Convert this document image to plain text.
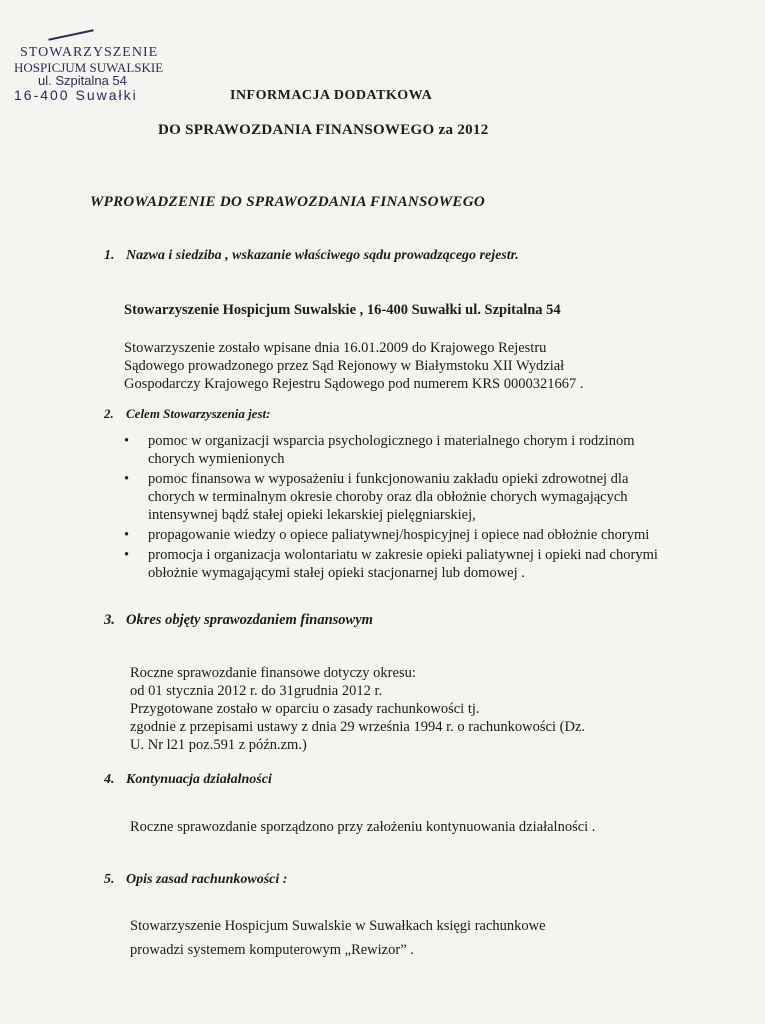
STOWARZYSZENIE
HOSPICJUM SUWALSKIE
ul. Szpitalna 54
16-400 Suwałki	INFORMACJA DODATKOWA
DO SPRAWOZDANIA FINANSOWEGO za 2012
WPROWADZENIE DO SPRAWOZDANIA FINANSOWEGO
1. Nazwa i siedziba , wskazanie właściwego sądu prowadzącego rejestr.
Stowarzyszenie Hospicjum Suwalskie , 16-400 Suwałki ul. Szpitalna 54
Stowarzyszenie zostało wpisane dnia 16.01.2009 do Krajowego Rejestru
Sądowego prowadzonego przez Sąd Rejonowy w Białymstoku XII Wydział
Gospodarczy Krajowego Rejestru Sądowego pod numerem KRS 0000321667 .
2. Celem Stowarzyszenia jest:
• pomoc w organizacji wsparcia psychologicznego i materialnego chorym i rodzinom
chorych wymienionych
• pomoc finansowa w wyposażeniu i funkcjonowaniu zakładu opieki zdrowotnej dla
chorych w terminalnym okresie choroby oraz dla obłożnie chorych wymagających
intensywnej bądź stałej opieki lekarskiej pielęgniarskiej,
• propagowanie wiedzy o opiece paliatywnej/hospicyjnej i opiece nad obłożnie chorymi
• promocja i organizacja wolontariatu w zakresie opieki paliatywnej i opieki nad chorymi
obłożnie wymagającymi stałej opieki stacjonarnej lub domowej .
3. Okres objęty sprawozdaniem finansowym
Roczne sprawozdanie finansowe dotyczy okresu:
od 01 stycznia 2012 r. do 31grudnia 2012 r.
Przygotowane zostało w oparciu o zasady rachunkowości tj.
zgodnie z przepisami ustawy z dnia 29 września 1994 r. o rachunkowości (Dz.
U. Nr l21 poz.591 z późn.zm.)
4. Kontynuacja działalności
Roczne sprawozdanie sporządzono przy założeniu kontynuowania działalności .
5. Opis zasad rachunkowości :
Stowarzyszenie Hospicjum Suwalskie w Suwałkach księgi rachunkowe
prowadzi systemem komputerowym „Rewizor” .
